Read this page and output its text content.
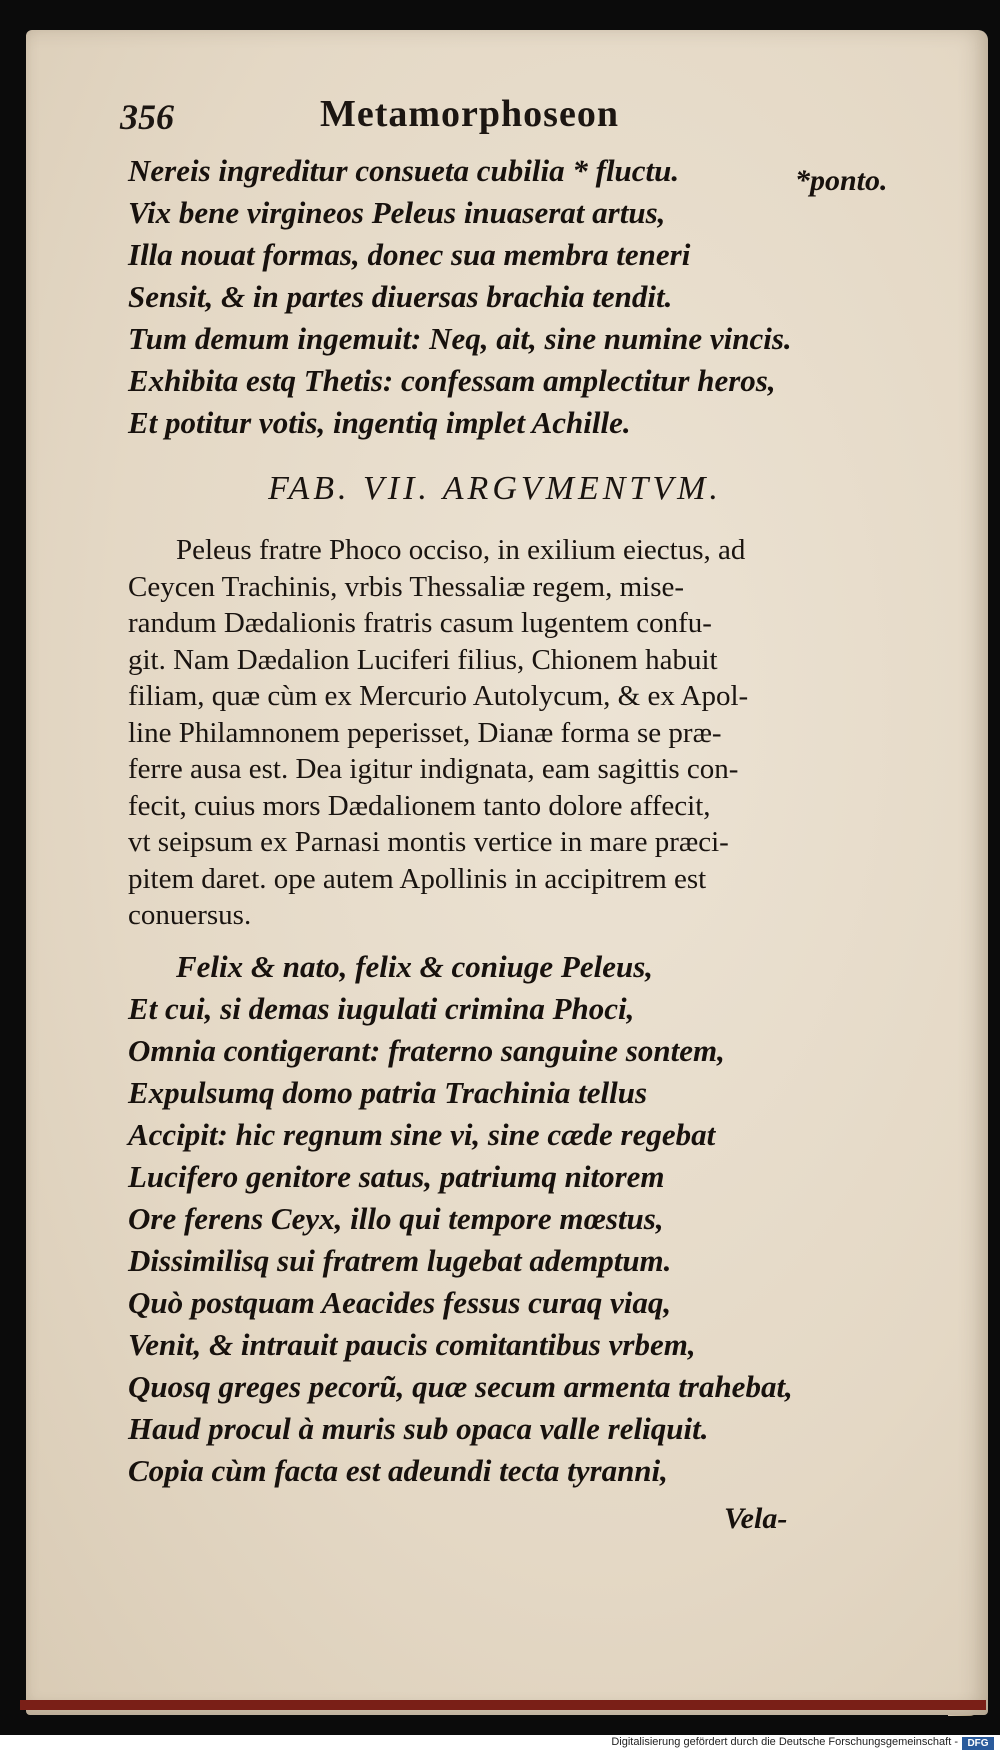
356	Metamorphoseon
*ponto.
Nereis ingreditur consueta cubilia * fluctu.
Vix bene virgineos Peleus inuaserat artus,
Illa nouat formas, donec sua membra teneri
Sensit, & in partes diuersas brachia tendit.
Tum demum ingemuit: Neq, ait, sine numine vincis.
Exhibita estq Thetis: confessam amplectitur heros,
Et potitur votis, ingentiq implet Achille.
FAB. VII. ARGVMENTVM.
Peleus fratre Phoco occiso, in exilium eiectus, ad
Ceycen Trachinis, vrbis Thessaliæ regem, mise-
randum Dædalionis fratris casum lugentem confu-
git. Nam Dædalion Luciferi filius, Chionem habuit
filiam, quæ cùm ex Mercurio Autolycum, & ex Apol-
line Philamnonem peperisset, Dianæ forma se præ-
ferre ausa est. Dea igitur indignata, eam sagittis con-
fecit, cuius mors Dædalionem tanto dolore affecit,
vt seipsum ex Parnasi montis vertice in mare præci-
pitem daret. ope autem Apollinis in accipitrem est
conuersus.
Felix & nato, felix & coniuge Peleus,
Et cui, si demas iugulati crimina Phoci,
Omnia contigerant: fraterno sanguine sontem,
Expulsumq domo patria Trachinia tellus
Accipit: hic regnum sine vi, sine cæde regebat
Lucifero genitore satus, patriumq nitorem
Ore ferens Ceyx, illo qui tempore mœstus,
Dissimilisq sui fratrem lugebat ademptum.
Quò postquam Aeacides fessus curaq viaq,
Venit, & intrauit paucis comitantibus vrbem,
Quosq greges pecorũ, quæ secum armenta trahebat,
Haud procul à muris sub opaca valle reliquit.
Copia cùm facta est adeundi tecta tyranni,
Vela-
Digitalisierung gefördert durch die Deutsche Forschungsgemeinschaft - DFG
